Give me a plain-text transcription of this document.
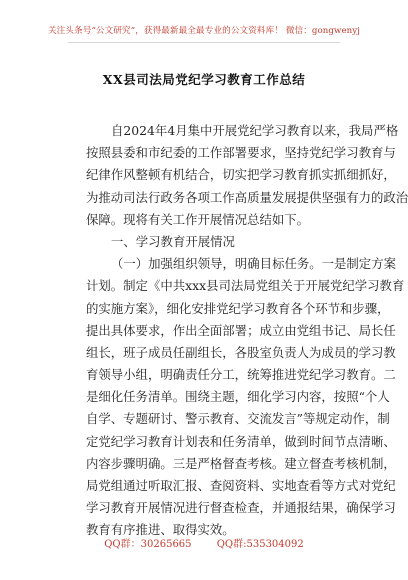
关注头条号“公文研究”，获得最新最全最专业的公文资料库！ 微信：gongwenyj
XX县司法局党纪学习教育工作总结
自2024年4月集中开展党纪学习教育以来，我局严格
按照县委和市纪委的工作部署要求，坚持党纪学习教育与
纪律作风整顿有机结合，切实把学习教育抓实抓细抓好，
为推动司法行政务各项工作高质量发展提供坚强有力的政治
保障。现将有关工作开展情况总结如下。
一、学习教育开展情况
（一）加强组织领导，明确目标任务。一是制定方案
计划。制定《中共xxx县司法局党组关于开展党纪学习教育
的实施方案》，细化安排党纪学习教育各个环节和步骤，
提出具体要求，作出全面部署；成立由党组书记、局长任
组长，班子成员任副组长，各股室负责人为成员的学习教
育领导小组，明确责任分工，统筹推进党纪学习教育。二
是细化任务清单。围绕主题，细化学习内容，按照“个人
自学、专题研讨、警示教育、交流发言”等规定动作，制
定党纪学习教育计划表和任务清单，做到时间节点清晰、
内容步骤明确。三是严格督查考核。建立督查考核机制，
局党组通过听取汇报、查阅资料、实地查看等方式对党纪
学习教育开展情况进行督查检查，并通报结果，确保学习
教育有序推进、取得实效。
QQ群：30265665	QQ群:535304092
